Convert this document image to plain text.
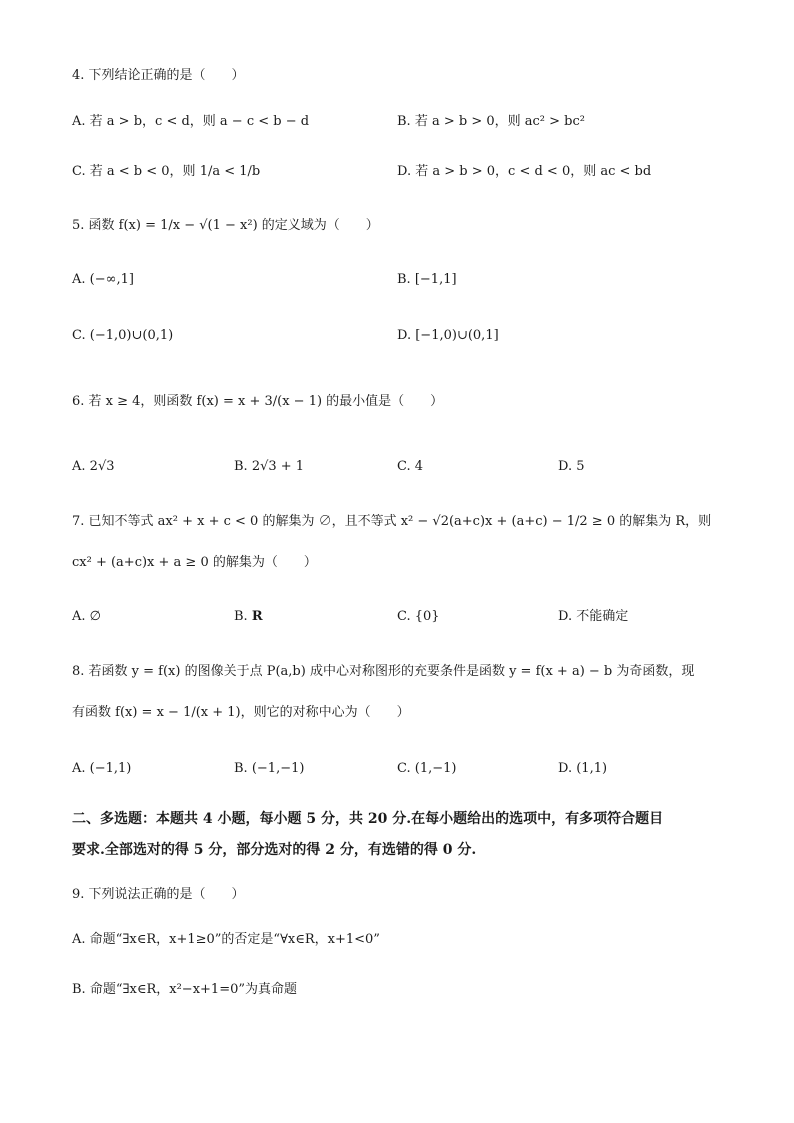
4. 下列结论正确的是（　　）
A. 若 a > b，c < d，则 a − c < b − d	B. 若 a > b > 0，则 ac² > bc²
C. 若 a < b < 0，则 1/a < 1/b	D. 若 a > b > 0，c < d < 0，则 ac < bd
5. 函数 f(x) = 1/x − √(1 − x²) 的定义域为（　　）
A. (−∞,1]	B. [−1,1]
C. (−1,0)∪(0,1)	D. [−1,0)∪(0,1]
6. 若 x ≥ 4，则函数 f(x) = x + 3/(x − 1) 的最小值是（　　）
A. 2√3	B. 2√3 + 1	C. 4	D. 5
7. 已知不等式 ax² + x + c < 0 的解集为 ∅，且不等式 x² − √2(a+c)x + (a+c) − 1/2 ≥ 0 的解集为 R，则
cx² + (a+c)x + a ≥ 0 的解集为（　　）
A. ∅	B. R	C. {0}	D. 不能确定
8. 若函数 y = f(x) 的图像关于点 P(a,b) 成中心对称图形的充要条件是函数 y = f(x + a) − b 为奇函数，现
有函数 f(x) = x − 1/(x + 1)，则它的对称中心为（　　）
A. (−1,1)	B. (−1,−1)	C. (1,−1)	D. (1,1)
二、多选题：本题共 4 小题，每小题 5 分，共 20 分.在每小题给出的选项中，有多项符合题目
要求.全部选对的得 5 分，部分选对的得 2 分，有选错的得 0 分.
9. 下列说法正确的是（　　）
A. 命题“∃x∈R，x+1≥0”的否定是“∀x∈R，x+1<0”
B. 命题“∃x∈R，x²−x+1=0”为真命题
